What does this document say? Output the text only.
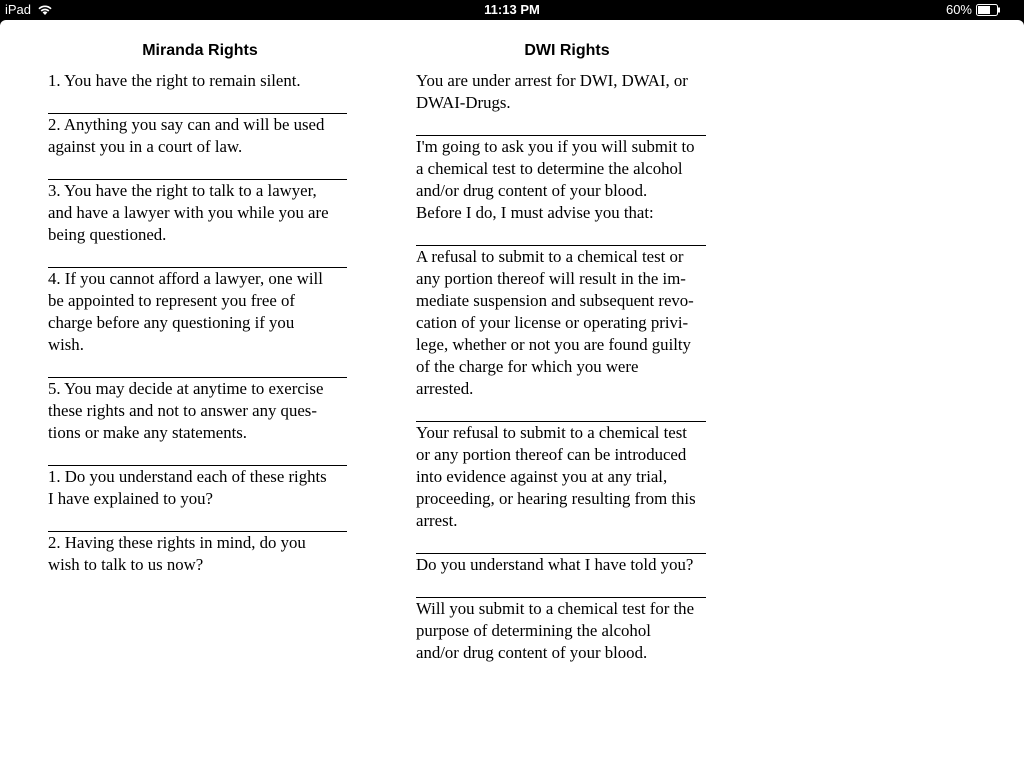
iPad	11:13 PM	60%
Miranda Rights

1. You have the right to remain silent.

2. Anything you say can and will be used
against you in a court of law.

3. You have the right to talk to a lawyer,
and have a lawyer with you while you are
being questioned.

4. If you cannot afford a lawyer, one will
be appointed to represent you free of
charge before any questioning if you
wish.

5. You may decide at anytime to exercise
these rights and not to answer any ques-
tions or make any statements.

1. Do you understand each of these rights
I have explained to you?

2. Having these rights in mind, do you
wish to talk to us now?

DWI Rights

You are under arrest for DWI, DWAI, or
DWAI-Drugs.

I'm going to ask you if you will submit to
a chemical test to determine the alcohol
and/or drug content of your blood.
Before I do, I must advise you that:

A refusal to submit to a chemical test or
any portion thereof will result in the im-
mediate suspension and subsequent revo-
cation of your license or operating privi-
lege, whether or not you are found guilty
of the charge for which you were
arrested.

Your refusal to submit to a chemical test
or any portion thereof can be introduced
into evidence against you at any trial,
proceeding, or hearing resulting from this
arrest.

Do you understand what I have told you?

Will you submit to a chemical test for the
purpose of determining the alcohol
and/or drug content of your blood.
